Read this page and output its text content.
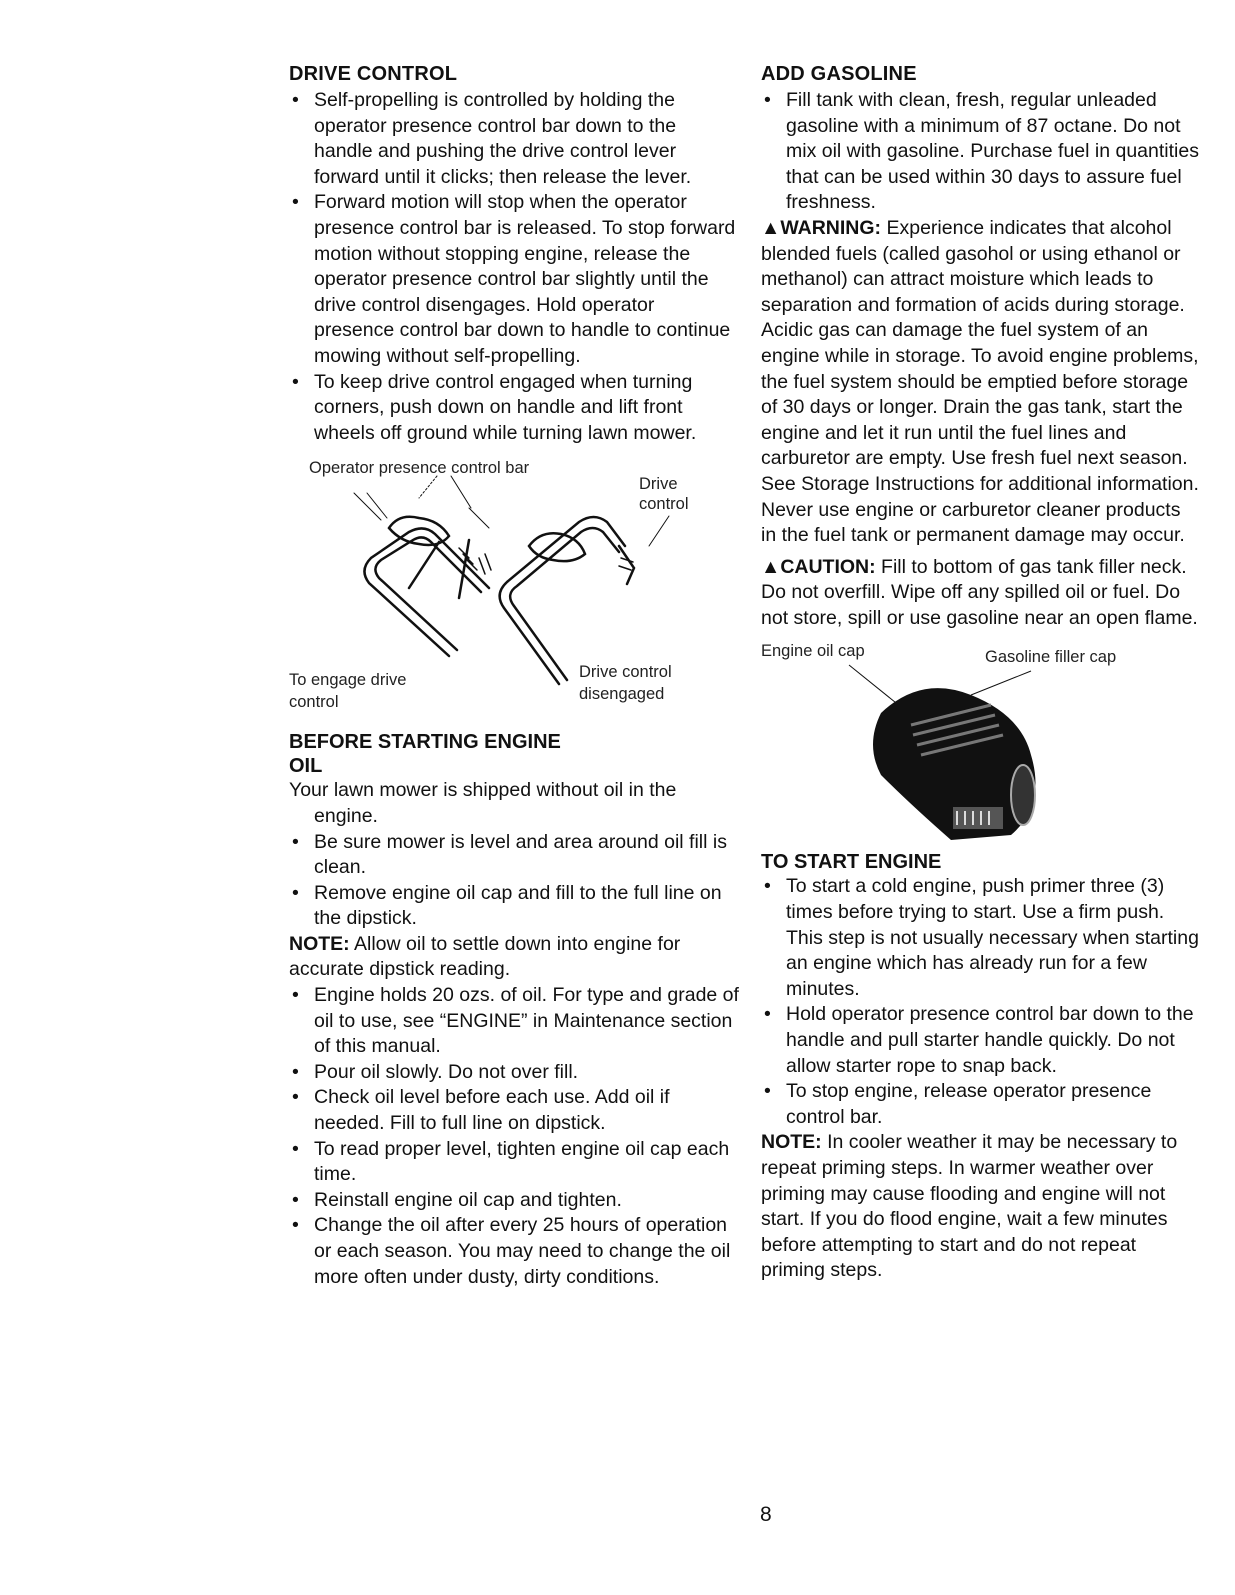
DRIVE CONTROL
• Self-propelling is controlled by holding the operator presence control bar down to the handle and pushing the drive control lever forward until it clicks; then release the lever.
• Forward motion will stop when the operator presence control bar is released. To stop forward motion without stopping engine, release the operator presence control bar slightly until the drive control disengages. Hold operator presence control bar down to handle to continue mowing without self-propelling.
• To keep drive control engaged when turning corners, push down on handle and lift front wheels off ground while turning lawn mower.
Operator presence control bar
Drive
control
To engage drive
control
Drive control
disengaged
BEFORE STARTING ENGINE
OIL

Your lawn mower is shipped without oil in the

engine.

• Be sure mower is level and area around oil fill is clean.
• Remove engine oil cap and fill to the full line on the dipstick.

NOTE: Allow oil to settle down into engine for accurate dipstick reading.

• Engine holds 20 ozs. of oil. For type and grade of oil to use, see “ENGINE” in Maintenance section of this manual.
• Pour oil slowly. Do not over fill.
• Check oil level before each use. Add oil if needed. Fill to full line on dipstick.
• To read proper level, tighten engine oil cap each time.
• Reinstall engine oil cap and tighten.
• Change the oil after every 25 hours of operation or each season. You may need to change the oil more often under dusty, dirty conditions.
ADD GASOLINE
• Fill tank with clean, fresh, regular unleaded gasoline with a minimum of 87 octane. Do not mix oil with gasoline. Purchase fuel in quantities that can be used within 30 days to assure fuel freshness.

▲WARNING: Experience indicates that alcohol blended fuels (called gasohol or using ethanol or methanol) can attract moisture which leads to separation and formation of acids during storage. Acidic gas can damage the fuel system of an engine while in storage. To avoid engine problems, the fuel system should be emptied before storage of 30 days or longer. Drain the gas tank, start the engine and let it run until the fuel lines and carburetor are empty. Use fresh fuel next season. See Storage Instructions for additional information. Never use engine or carburetor cleaner products in the fuel tank or permanent damage may occur.

▲CAUTION: Fill to bottom of gas tank filler neck. Do not overfill. Wipe off any spilled oil or fuel. Do not store, spill or use gasoline near an open flame.

Engine oil cap	Gasoline filler cap
TO START ENGINE
• To start a cold engine, push primer three (3) times before trying to start. Use a firm push. This step is not usually necessary when starting an engine which has already run for a few minutes.
• Hold operator presence control bar down to the handle and pull starter handle quickly. Do not allow starter rope to snap back.
• To stop engine, release operator presence control bar.

NOTE: In cooler weather it may be necessary to repeat priming steps. In warmer weather over priming may cause flooding and engine will not start. If you do flood engine, wait a few minutes before attempting to start and do not repeat priming steps.

8
